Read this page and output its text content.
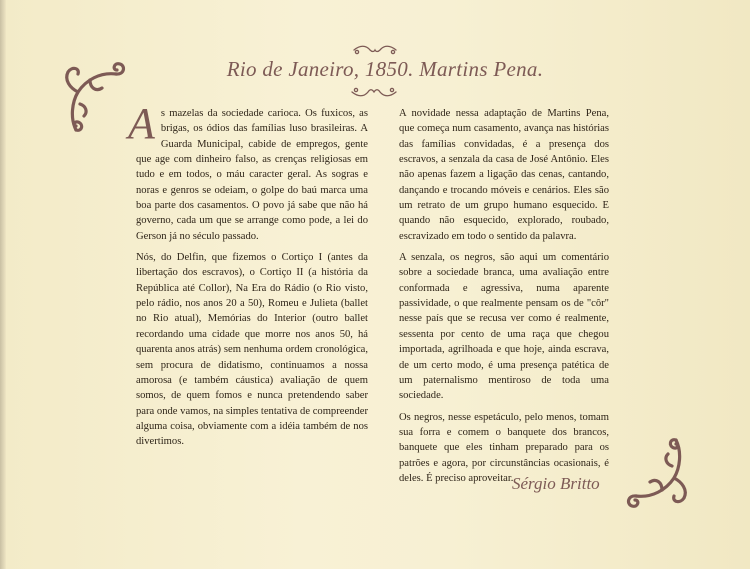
Rio de Janeiro, 1850. Martins Pena.

As mazelas da sociedade carioca. Os fuxicos, as brigas, os ódios das famílias luso brasileiras. A Guarda Municipal, cabide de empregos, gente que age com dinheiro falso, as crenças religiosas em tudo e em todos, o máu caracter geral. As sogras e noras e genros se odeiam, o golpe do baú marca uma boa parte dos casamentos. O povo já sabe que não há governo, cada um que se arrange como pode, a lei do Gerson já no século passado.

Nós, do Delfin, que fizemos o Cortiço I (antes da libertação dos escravos), o Cortiço II (a história da República até Collor), Na Era do Rádio (o Rio visto, pelo rádio, nos anos 20 a 50), Romeu e Julieta (ballet no Rio atual), Memórias do Interior (outro ballet recordando uma cidade que morre nos anos 50, há quarenta anos atrás) sem nenhuma ordem cronológica, sem procura de didatismo, continuamos a nossa amorosa (e também cáustica) avaliação de quem somos, de quem fomos e nunca pretendendo saber para onde vamos, na simples tentativa de compreender alguma coisa, obviamente com a idéia também de nos divertimos.

A novidade nessa adaptação de Martins Pena, que começa num casamento, avança nas histórias das famílias convidadas, é a presença dos escravos, a senzala da casa de José Antônio. Eles não apenas fazem a ligação das cenas, cantando, dançando e trocando móveis e cenários. Eles são um retrato de um grupo humano esquecido. E quando não esquecido, explorado, roubado, escravizado em todo o sentido da palavra.

A senzala, os negros, são aqui um comentário sobre a sociedade branca, uma avaliação entre conformada e agressiva, numa aparente passividade, o que realmente pensam os de "côr" nesse país que se recusa ver como é realmente, sessenta por cento de uma raça que chegou importada, agrilhoada e que hoje, ainda escrava, de um certo modo, é uma presença patética de um paternalismo mentiroso de toda uma sociedade.

Os negros, nesse espetáculo, pelo menos, tomam sua forra e comem o banquete dos brancos, banquete que eles tinham preparado para os patrões e agora, por circunstâncias ocasionais, é deles. É preciso aproveitar.

Sérgio Britto
